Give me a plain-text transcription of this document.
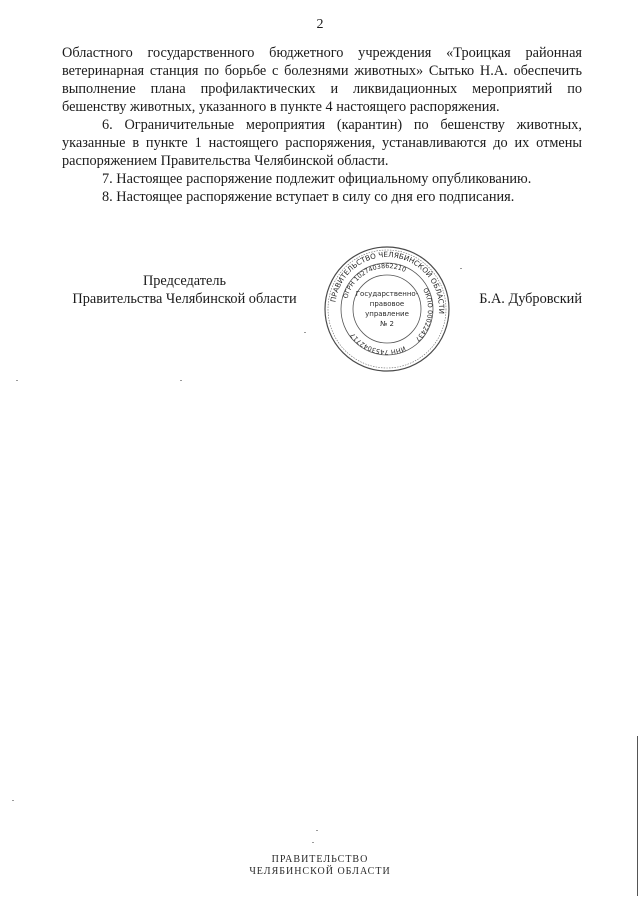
2

Областного государственного бюджетного учреждения «Троицкая районная ветеринарная станция по борьбе с болезнями животных» Сытько Н.А. обеспечить выполнение плана профилактических и ликвидационных мероприятий по бешенству животных, указанного в пункте 4 настоящего распоряжения.

6. Ограничительные мероприятия (карантин) по бешенству животных, указанные в пункте 1 настоящего распоряжения, устанавливаются до их отмены распоряжением Правительства Челябинской области.

7. Настоящее распоряжение подлежит официальному опубликованию.

8. Настоящее распоряжение вступает в силу со дня его подписания.

Председатель
Правительства Челябинской области	ПРАВИТЕЛЬСТВО ЧЕЛЯБИНСКОЙ ОБЛАСТИ
ОГРН 1027403862210
ОКПО 00022437
ИНН 7453042717
Государственно-
правовое
управление
№ 2
Б.А. Дубровский
ПРАВИТЕЛЬСТВО
ЧЕЛЯБИНСКОЙ ОБЛАСТИ
